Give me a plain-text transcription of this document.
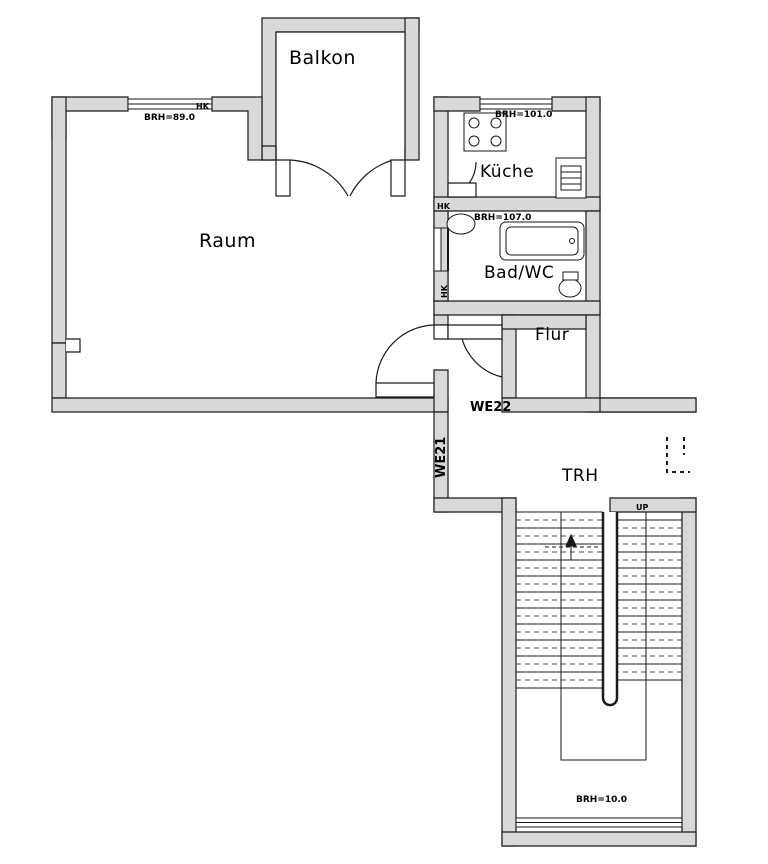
Balkon
Raum
Küche
Bad/WC
Flur
TRH
BRH=89.0
HK
BRH=101.0
BRH=107.0
HK
HK
WE22
WE21
UP
BRH=10.0
